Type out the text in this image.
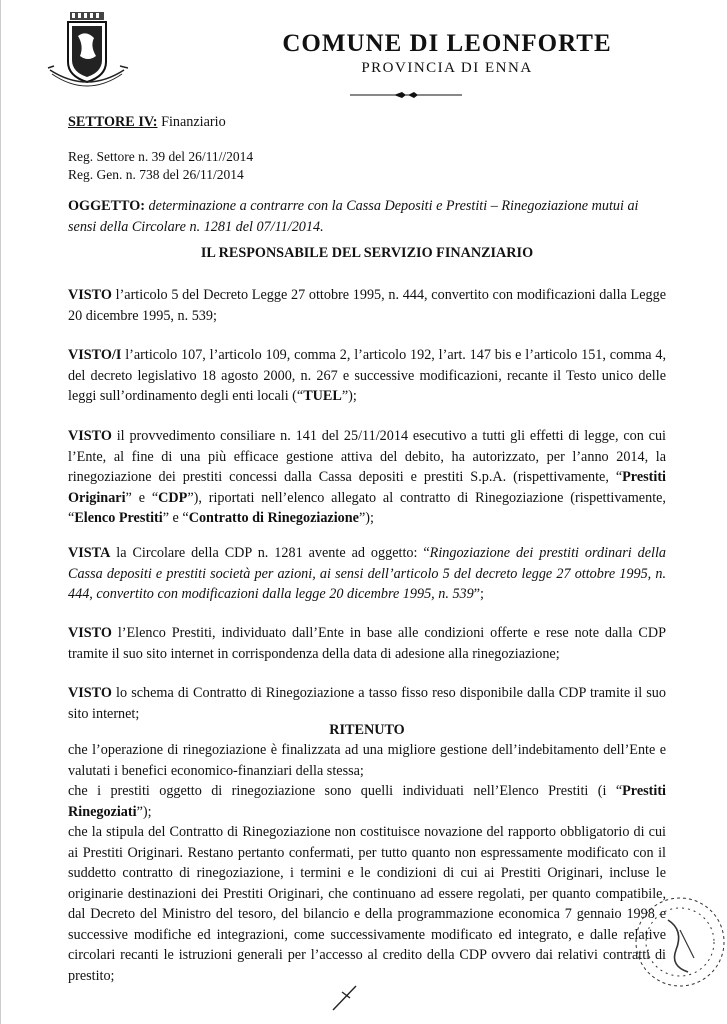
COMUNE DI LEONFORTE
PROVINCIA DI ENNA
SETTORE IV: Finanziario
Reg. Settore n. 39 del 26/11//2014
Reg. Gen. n. 738 del 26/11/2014
OGGETTO: determinazione a contrarre con la Cassa Depositi e Prestiti – Rinegoziazione mutui ai sensi della Circolare n. 1281 del 07/11/2014.
IL RESPONSABILE DEL SERVIZIO FINANZIARIO
VISTO l’articolo 5 del Decreto Legge 27 ottobre 1995, n. 444, convertito con modificazioni dalla Legge 20 dicembre 1995, n. 539;
VISTO/I l’articolo 107, l’articolo 109, comma 2, l’articolo 192, l’art. 147 bis e l’articolo 151, comma 4, del decreto legislativo 18 agosto 2000, n. 267 e successive modificazioni, recante il Testo unico delle leggi sull’ordinamento degli enti locali (“TUEL”);
VISTO il provvedimento consiliare n. 141 del 25/11/2014 esecutivo a tutti gli effetti di legge, con cui l’Ente, al fine di una più efficace gestione attiva del debito, ha autorizzato, per l’anno 2014, la rinegoziazione dei prestiti concessi dalla Cassa depositi e prestiti S.p.A. (rispettivamente, “Prestiti Originari” e “CDP”), riportati nell’elenco allegato al contratto di Rinegoziazione (rispettivamente, “Elenco Prestiti” e “Contratto di Rinegoziazione”);
VISTA la Circolare della CDP n. 1281 avente ad oggetto: “Ringoziazione dei prestiti ordinari della Cassa depositi e prestiti società per azioni, ai sensi dell’articolo 5 del decreto legge 27 ottobre 1995, n. 444, convertito con modificazioni dalla legge 20 dicembre 1995, n. 539”;
VISTO l’Elenco Prestiti, individuato dall’Ente in base alle condizioni offerte e rese note dalla CDP tramite il suo sito internet in corrispondenza della data di adesione alla rinegoziazione;
VISTO lo schema di Contratto di Rinegoziazione a tasso fisso reso disponibile dalla CDP tramite il suo sito internet;
RITENUTO
che l’operazione di rinegoziazione è finalizzata ad una migliore gestione dell’indebitamento dell’Ente e valutati i benefici economico-finanziari della stessa;
che i prestiti oggetto di rinegoziazione sono quelli individuati nell’Elenco Prestiti (i “Prestiti Rinegoziati”);
che la stipula del Contratto di Rinegoziazione non costituisce novazione del rapporto obbligatorio di cui ai Prestiti Originari. Restano pertanto confermati, per tutto quanto non espressamente modificato con il suddetto contratto di rinegoziazione, i termini e le condizioni di cui ai Prestiti Originari, incluse le originarie destinazioni dei Prestiti Originari, che continuano ad essere regolati, per quanto compatibile, dal Decreto del Ministro del tesoro, del bilancio e della programmazione economica 7 gennaio 1998 e successive modifiche ed integrazioni, come successivamente modificato ed integrato, e dalle relative circolari recanti le istruzioni generali per l’accesso al credito della CDP ovvero dai relativi contratti di prestito;
